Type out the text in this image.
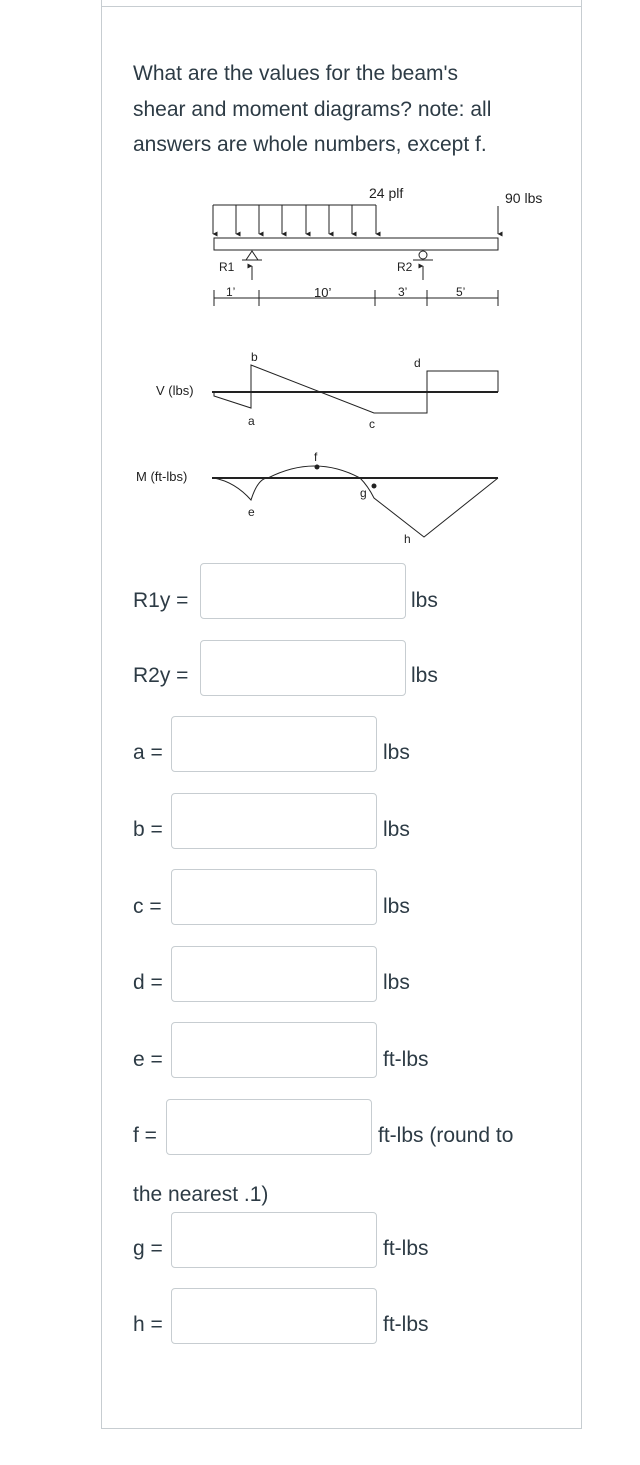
What are the values for the beam's
shear and moment diagrams? note: all
answers are whole numbers, except f.
24 plf	90 lbs
R1	R2
1’	10’	3’	5’
V (lbs)
a
b
c
d
M (ft-lbs)
e
f
g
h
R1y =	lbs
R2y =	lbs
a =	lbs
b =	lbs
c =	lbs
d =	lbs
e =	ft-lbs
f =	ft-lbs (round to
the nearest .1)
g =	ft-lbs
h =	ft-lbs
